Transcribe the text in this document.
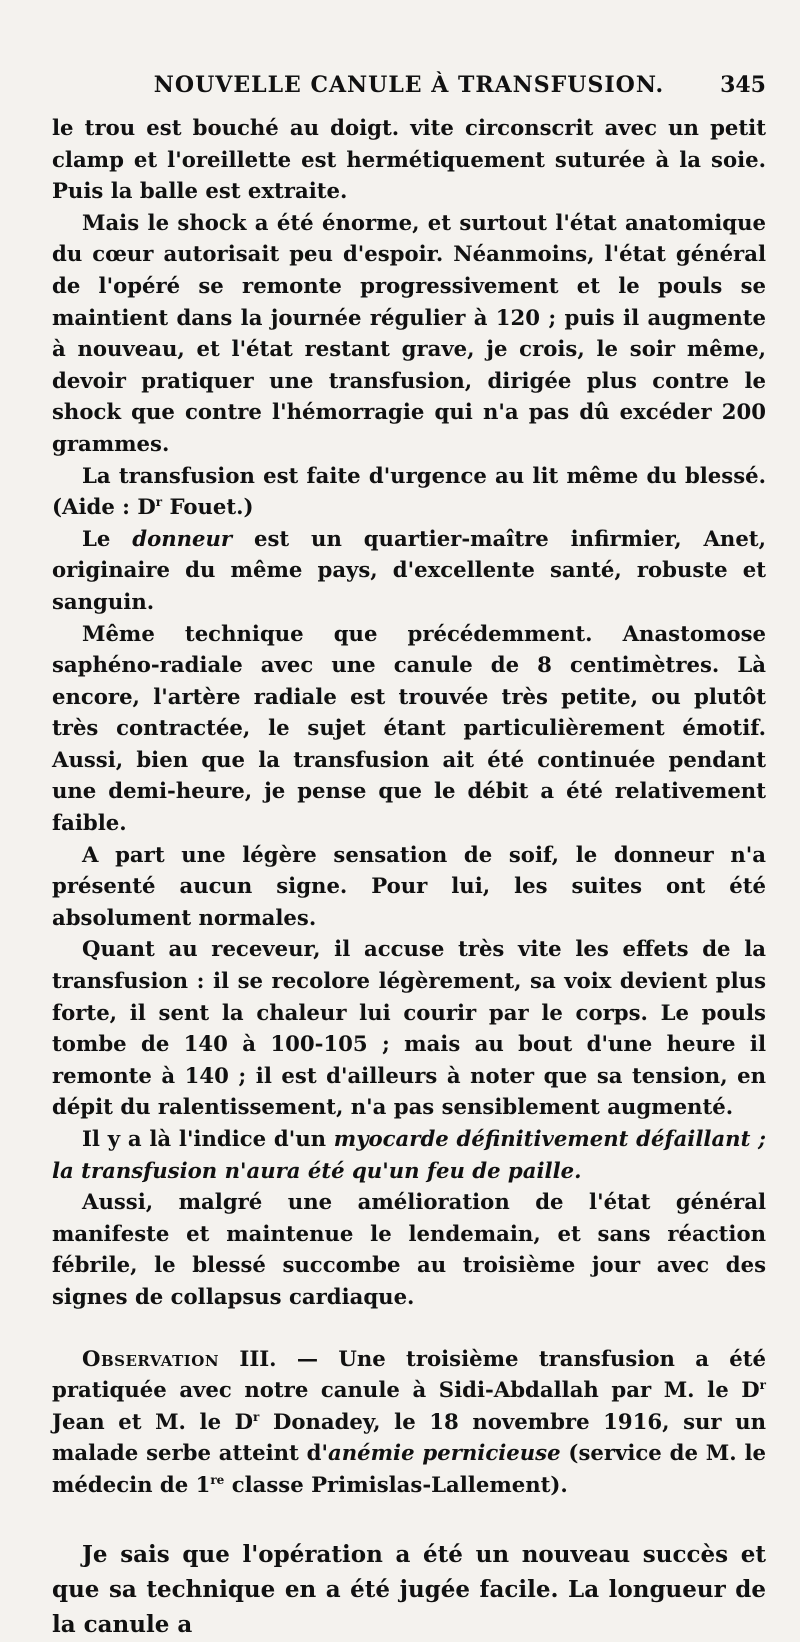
NOUVELLE CANULE À TRANSFUSION.	345

le trou est bouché au doigt. vite circonscrit avec un petit clamp et l'oreillette est hermétiquement suturée à la soie. Puis la balle est extraite.

Mais le shock a été énorme, et surtout l'état anatomique du cœur autorisait peu d'espoir. Néanmoins, l'état général de l'opéré se remonte progressivement et le pouls se maintient dans la journée régulier à 120 ; puis il augmente à nouveau, et l'état restant grave, je crois, le soir même, devoir pratiquer une transfusion, dirigée plus contre le shock que contre l'hémorragie qui n'a pas dû excéder 200 grammes.

La transfusion est faite d'urgence au lit même du blessé. (Aide : $D^r$ Fouet.)

Le donneur est un quartier-maître infirmier, Anet, originaire du même pays, d'excellente santé, robuste et sanguin.

Même technique que précédemment. Anastomose saphéno-radiale avec une canule de 8 centimètres. Là encore, l'artère radiale est trouvée très petite, ou plutôt très contractée, le sujet étant particulièrement émotif. Aussi, bien que la transfusion ait été continuée pendant une demi-heure, je pense que le débit a été relativement faible.

A part une légère sensation de soif, le donneur n'a présenté aucun signe. Pour lui, les suites ont été absolument normales.

Quant au receveur, il accuse très vite les effets de la transfusion : il se recolore légèrement, sa voix devient plus forte, il sent la chaleur lui courir par le corps. Le pouls tombe de 140 à 100-105 ; mais au bout d'une heure il remonte à 140 ; il est d'ailleurs à noter que sa tension, en dépit du ralentissement, n'a pas sensiblement augmenté.

Il y a là l'indice d'un myocarde définitivement défaillant ; la transfusion n'aura été qu'un feu de paille.

Aussi, malgré une amélioration de l'état général manifeste et maintenue le lendemain, et sans réaction fébrile, le blessé succombe au troisième jour avec des signes de collapsus cardiaque.

Observation III. — Une troisième transfusion a été pratiquée avec notre canule à Sidi-Abdallah par M. le $D^r$ Jean et M. le $D^r$ Donadey, le 18 novembre 1916, sur un malade serbe atteint d'anémie pernicieuse (service de M. le médecin de 1re classe Primislas-Lallement).

Je sais que l'opération a été un nouveau succès et que sa technique en a été jugée facile. La longueur de la canule a
